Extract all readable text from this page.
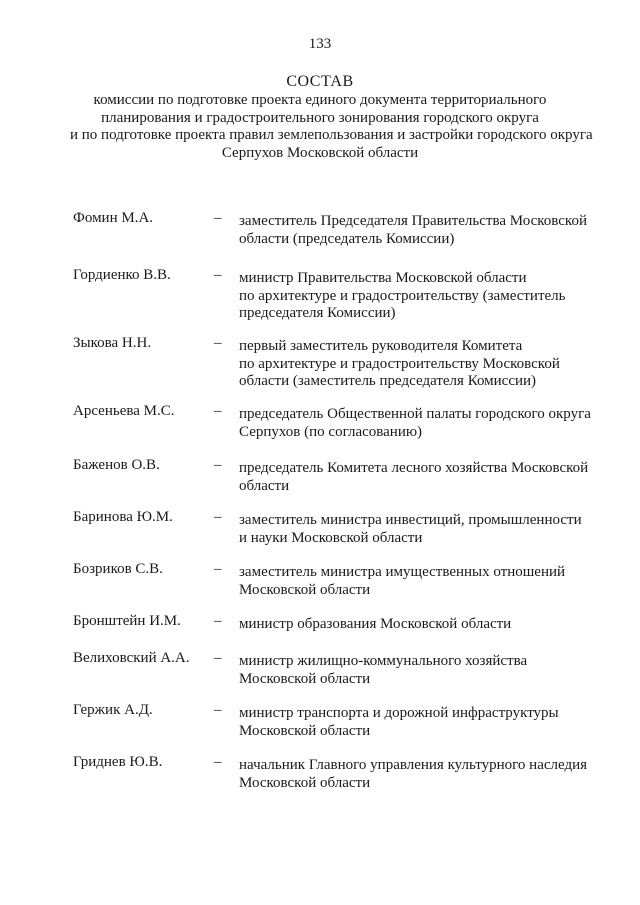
133
СОСТАВ
комиссии по подготовке проекта единого документа территориального
планирования и градостроительного зонирования городского округа
и по подготовке проекта правил землепользования и застройки городского округа
Серпухов Московской области
Фомин М.А.	– заместитель Председателя Правительства Московской
области (председатель Комиссии)
Гордиенко В.В.	– министр Правительства Московской области
по архитектуре и градостроительству (заместитель
председателя Комиссии)
Зыкова Н.Н.	– первый заместитель руководителя Комитета
по архитектуре и градостроительству Московской
области (заместитель председателя Комиссии)
Арсеньева М.С.	– председатель Общественной палаты городского округа
Серпухов (по согласованию)
Баженов О.В.	– председатель Комитета лесного хозяйства Московской
области
Баринова Ю.М.	– заместитель министра инвестиций, промышленности
и науки Московской области
Бозриков С.В.	– заместитель министра имущественных отношений
Московской области
Бронштейн И.М. – министр образования Московской области
Велиховский А.А. – министр жилищно-коммунального хозяйства
Московской области
Гержик А.Д.	– министр транспорта и дорожной инфраструктуры
Московской области
Гриднев Ю.В.	– начальник Главного управления культурного наследия
Московской области
